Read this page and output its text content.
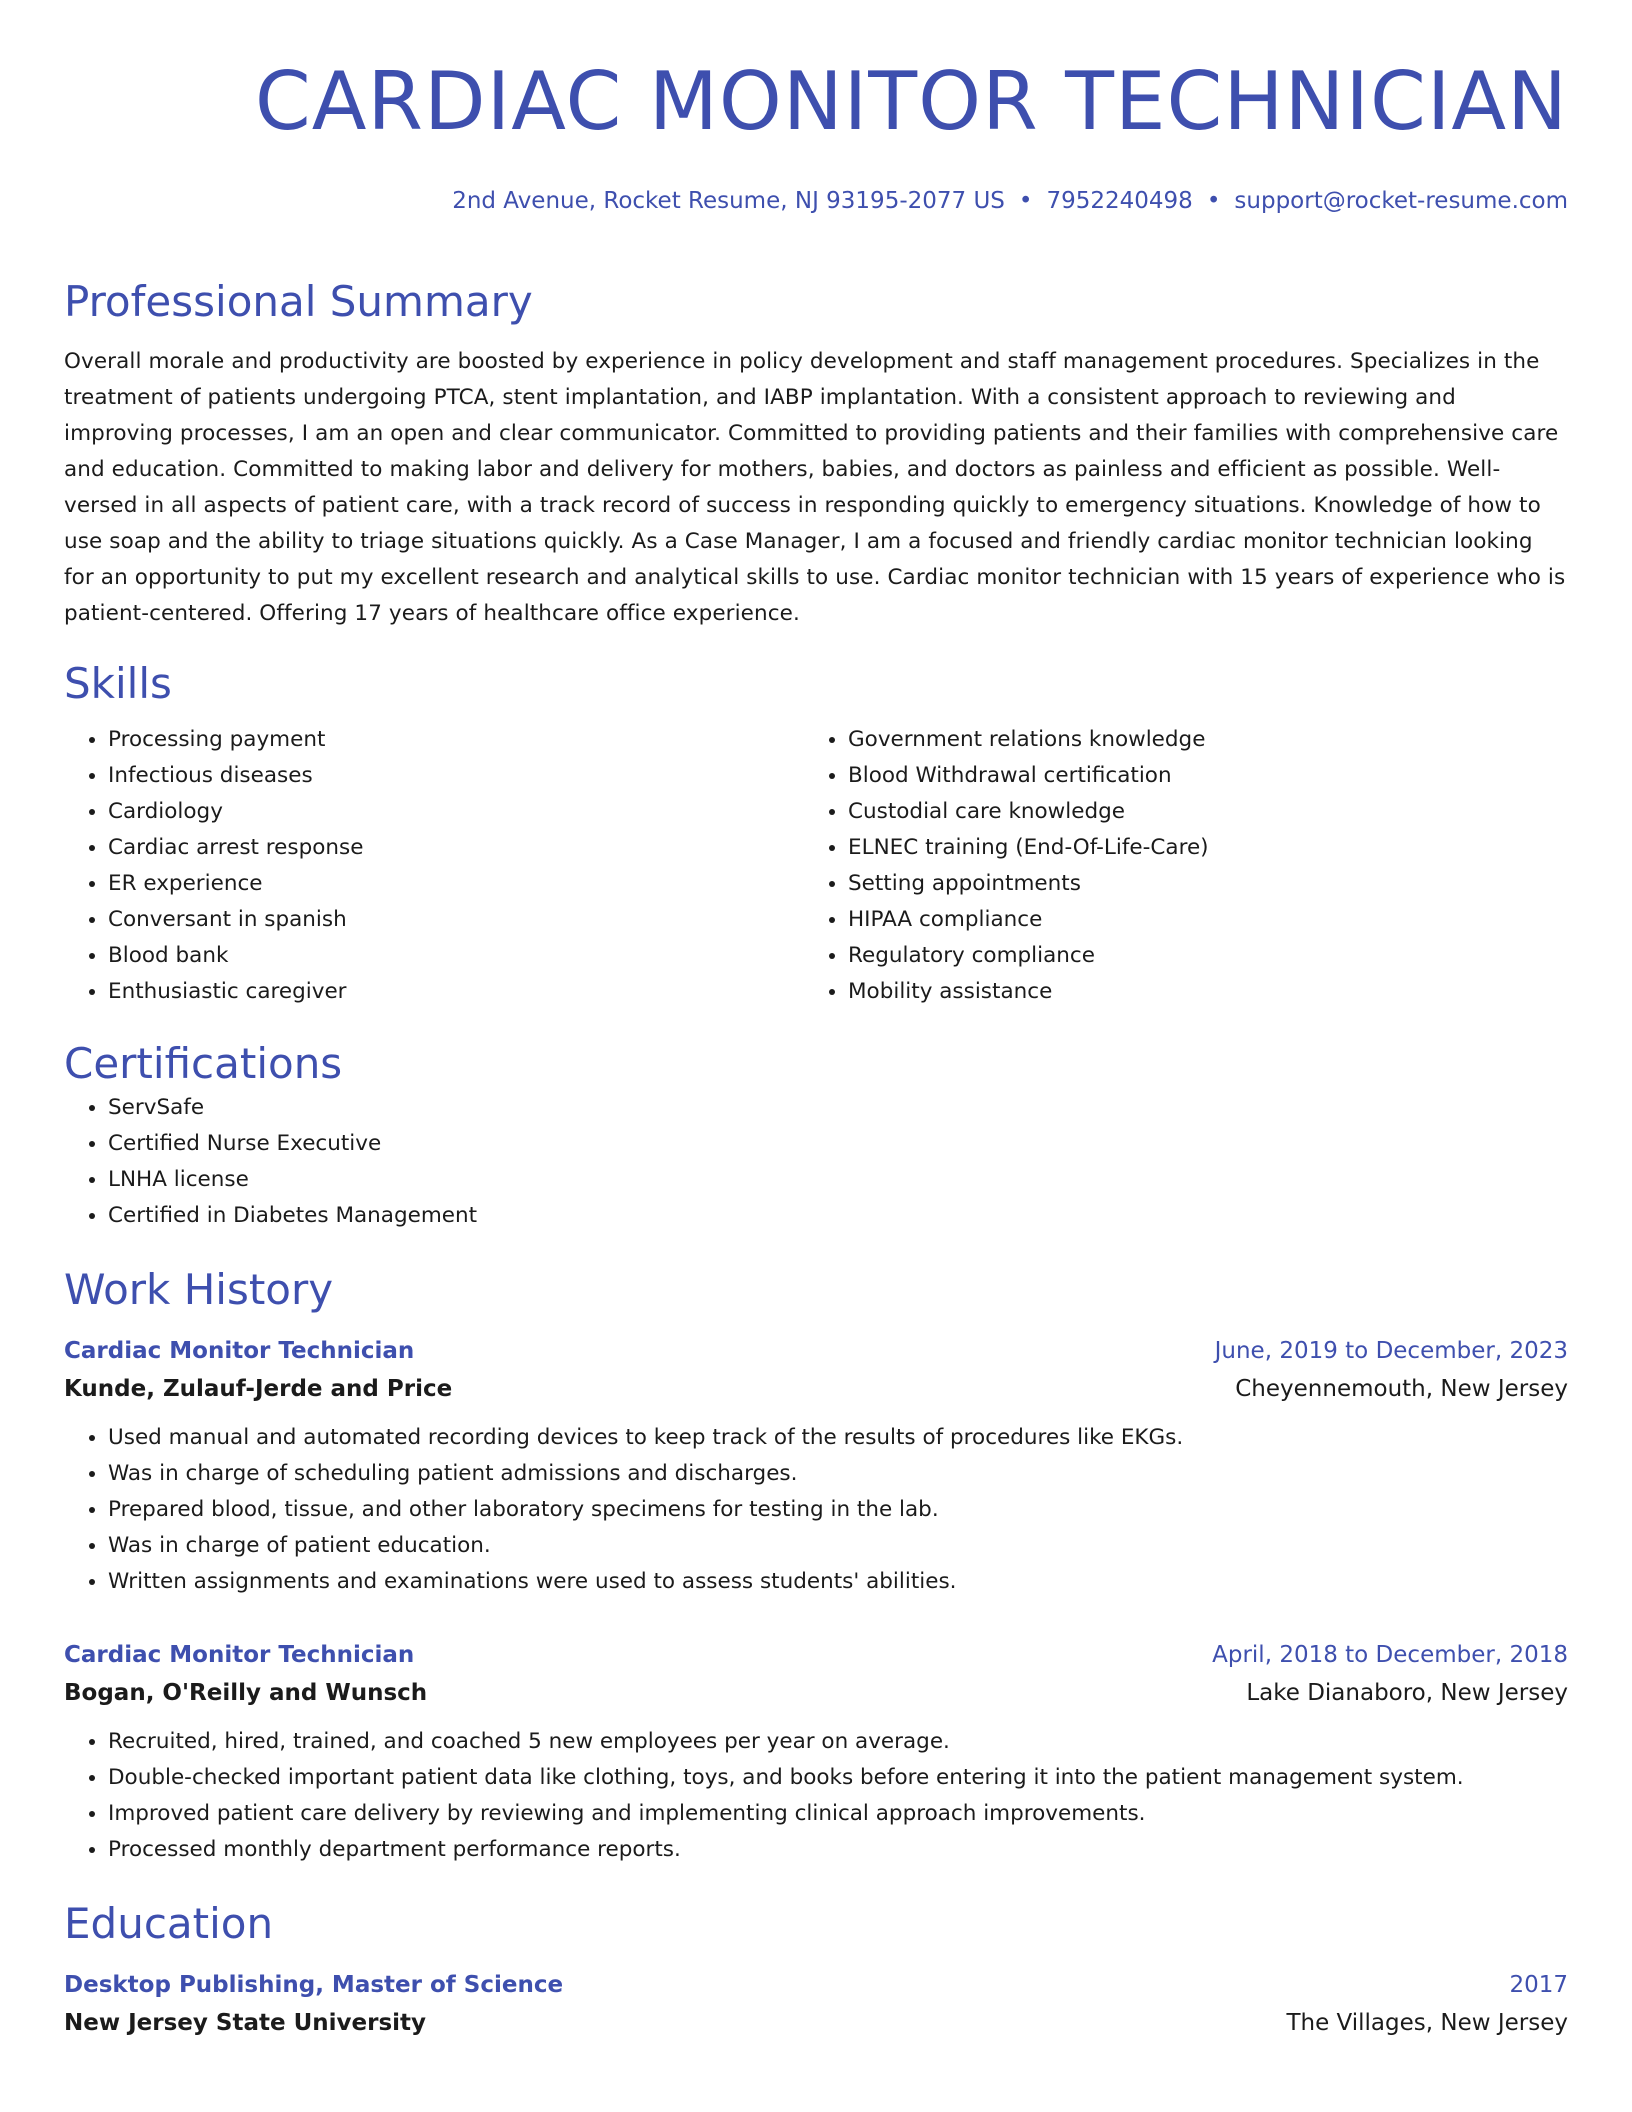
CARDIAC MONITOR TECHNICIAN
2nd Avenue, Rocket Resume, NJ 93195-2077 US • 7952240498 • support@rocket-resume.com
Professional Summary

Overall morale and productivity are boosted by experience in policy development and staff management procedures. Specializes in the treatment of patients undergoing PTCA, stent implantation, and IABP implantation. With a consistent approach to reviewing and improving processes, I am an open and clear communicator. Committed to providing patients and their families with comprehensive care and education. Committed to making labor and delivery for mothers, babies, and doctors as painless and efficient as possible. Well-versed in all aspects of patient care, with a track record of success in responding quickly to emergency situations. Knowledge of how to use soap and the ability to triage situations quickly. As a Case Manager, I am a focused and friendly cardiac monitor technician looking for an opportunity to put my excellent research and analytical skills to use. Cardiac monitor technician with 15 years of experience who is patient-centered. Offering 17 years of healthcare office experience.

Skills
• Processing payment
• Infectious diseases
• Cardiology
• Cardiac arrest response
• ER experience
• Conversant in spanish
• Blood bank
• Enthusiastic caregiver
• Government relations knowledge
• Blood Withdrawal certification
• Custodial care knowledge
• ELNEC training (End-Of-Life-Care)
• Setting appointments
• HIPAA compliance
• Regulatory compliance
• Mobility assistance
Certifications
• ServSafe
• Certified Nurse Executive
• LNHA license
• Certified in Diabetes Management
Work History
Cardiac Monitor Technician	June, 2019 to December, 2023
Kunde, Zulauf-Jerde and Price	Cheyennemouth, New Jersey
• Used manual and automated recording devices to keep track of the results of procedures like EKGs.
• Was in charge of scheduling patient admissions and discharges.
• Prepared blood, tissue, and other laboratory specimens for testing in the lab.
• Was in charge of patient education.
• Written assignments and examinations were used to assess students' abilities.
Cardiac Monitor Technician	April, 2018 to December, 2018
Bogan, O'Reilly and Wunsch	Lake Dianaboro, New Jersey
• Recruited, hired, trained, and coached 5 new employees per year on average.
• Double-checked important patient data like clothing, toys, and books before entering it into the patient management system.
• Improved patient care delivery by reviewing and implementing clinical approach improvements.
• Processed monthly department performance reports.
Education
Desktop Publishing, Master of Science	2017
New Jersey State University	The Villages, New Jersey
